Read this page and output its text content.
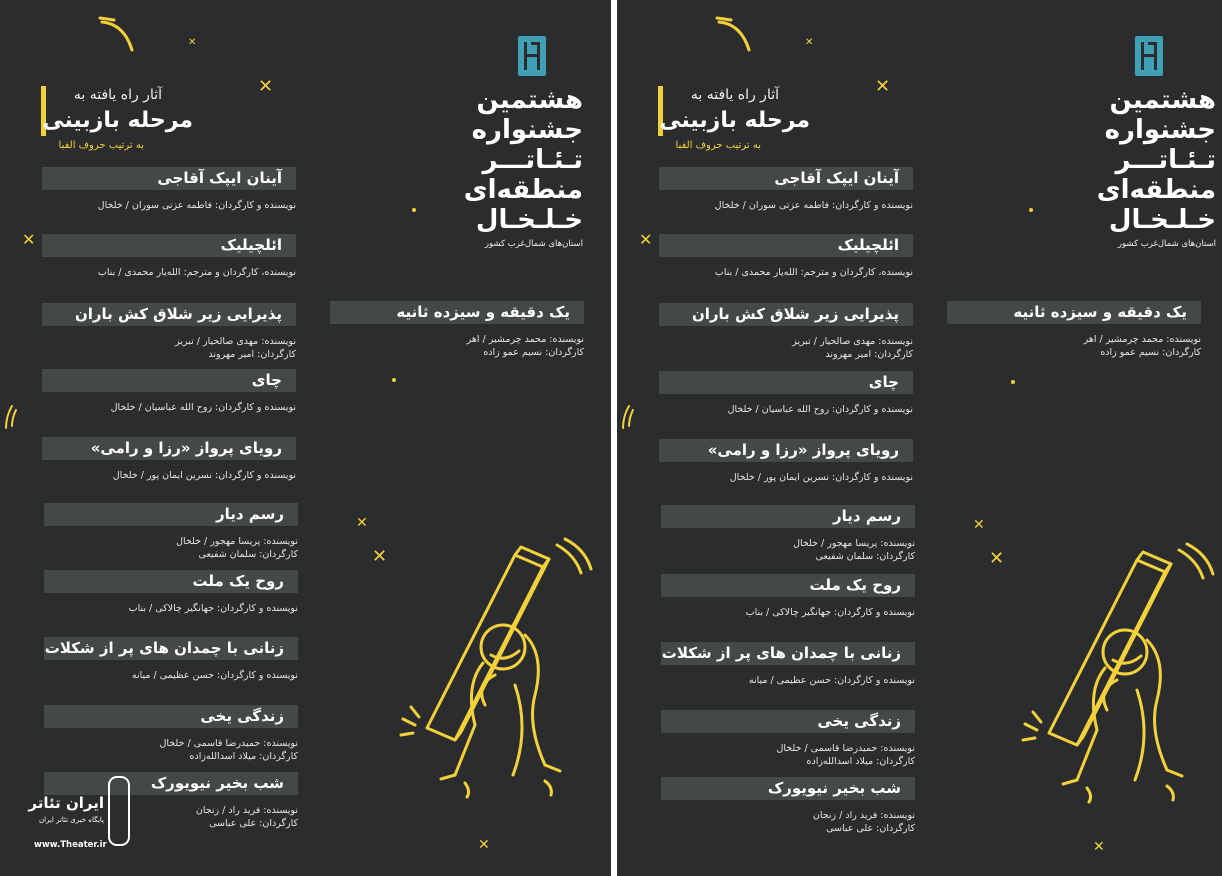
آثار راه یافته به
مرحله بازبینی
به ترتیب حروف الفبا
آینان ایپک آقاجی
نویسنده و کارگردان: فاطمه عزتی سوران / خلخال
ائلچیلیک
نویسنده، کارگردان و مترجم: الله‌یار محمدی / بناب
پذیرایی زیر شلاق کش باران
نویسنده: مهدی صالحیار / تبریز
کارگردان: امیر مهروند
چای
نویسنده و کارگردان: روح الله عباسیان / خلخال
رویای پرواز «رزا و رامی»
نویسنده و کارگردان: نسرین ایمان پور / خلخال
رسم دیار
نویسنده: پریسا مهجور / خلخال
کارگردان: سلمان شفیعی
روح یک ملت
نویسنده و کارگردان: جهانگیر چالاکی / بناب
زنانی با چمدان های پر از شکلات
نویسنده و کارگردان: حسن عظیمی / میانه
زندگی یخی
نویسنده: حمیدرضا قاسمی / خلخال
کارگردان: میلاد اسدالله‌زاده
شب بخیر نیویورک
نویسنده: فرید راد / زنجان
کارگردان: علی عباسی
یک دقیقه و سیزده ثانیه
نویسنده: محمد چرمشیر / اهر
کارگردان: نسیم عمو زاده
هشتمین
جشنواره
تـئـاتـــر
منطقه‌ای
خـلـخـال
استان‌های شمال‌غرب کشور
✕
✕
✕
✕
✕
✕
ایران تئاتر
پایگاه خبری تئاتر ایران
www.Theater.ir
آثار راه یافته به
مرحله بازبینی
به ترتیب حروف الفبا
آینان ایپک آقاجی
نویسنده و کارگردان: فاطمه عزتی سوران / خلخال
ائلچیلیک
نویسنده، کارگردان و مترجم: الله‌یار محمدی / بناب
پذیرایی زیر شلاق کش باران
نویسنده: مهدی صالحیار / تبریز
کارگردان: امیر مهروند
چای
نویسنده و کارگردان: روح الله عباسیان / خلخال
رویای پرواز «رزا و رامی»
نویسنده و کارگردان: نسرین ایمان پور / خلخال
رسم دیار
نویسنده: پریسا مهجور / خلخال
کارگردان: سلمان شفیعی
روح یک ملت
نویسنده و کارگردان: جهانگیر چالاکی / بناب
زنانی با چمدان های پر از شکلات
نویسنده و کارگردان: حسن عظیمی / میانه
زندگی یخی
نویسنده: حمیدرضا قاسمی / خلخال
کارگردان: میلاد اسدالله‌زاده
شب بخیر نیویورک
نویسنده: فرید راد / زنجان
کارگردان: علی عباسی
یک دقیقه و سیزده ثانیه
نویسنده: محمد چرمشیر / اهر
کارگردان: نسیم عمو زاده
هشتمین
جشنواره
تـئـاتـــر
منطقه‌ای
خـلـخـال
استان‌های شمال‌غرب کشور
✕
✕
✕
✕
✕
✕
